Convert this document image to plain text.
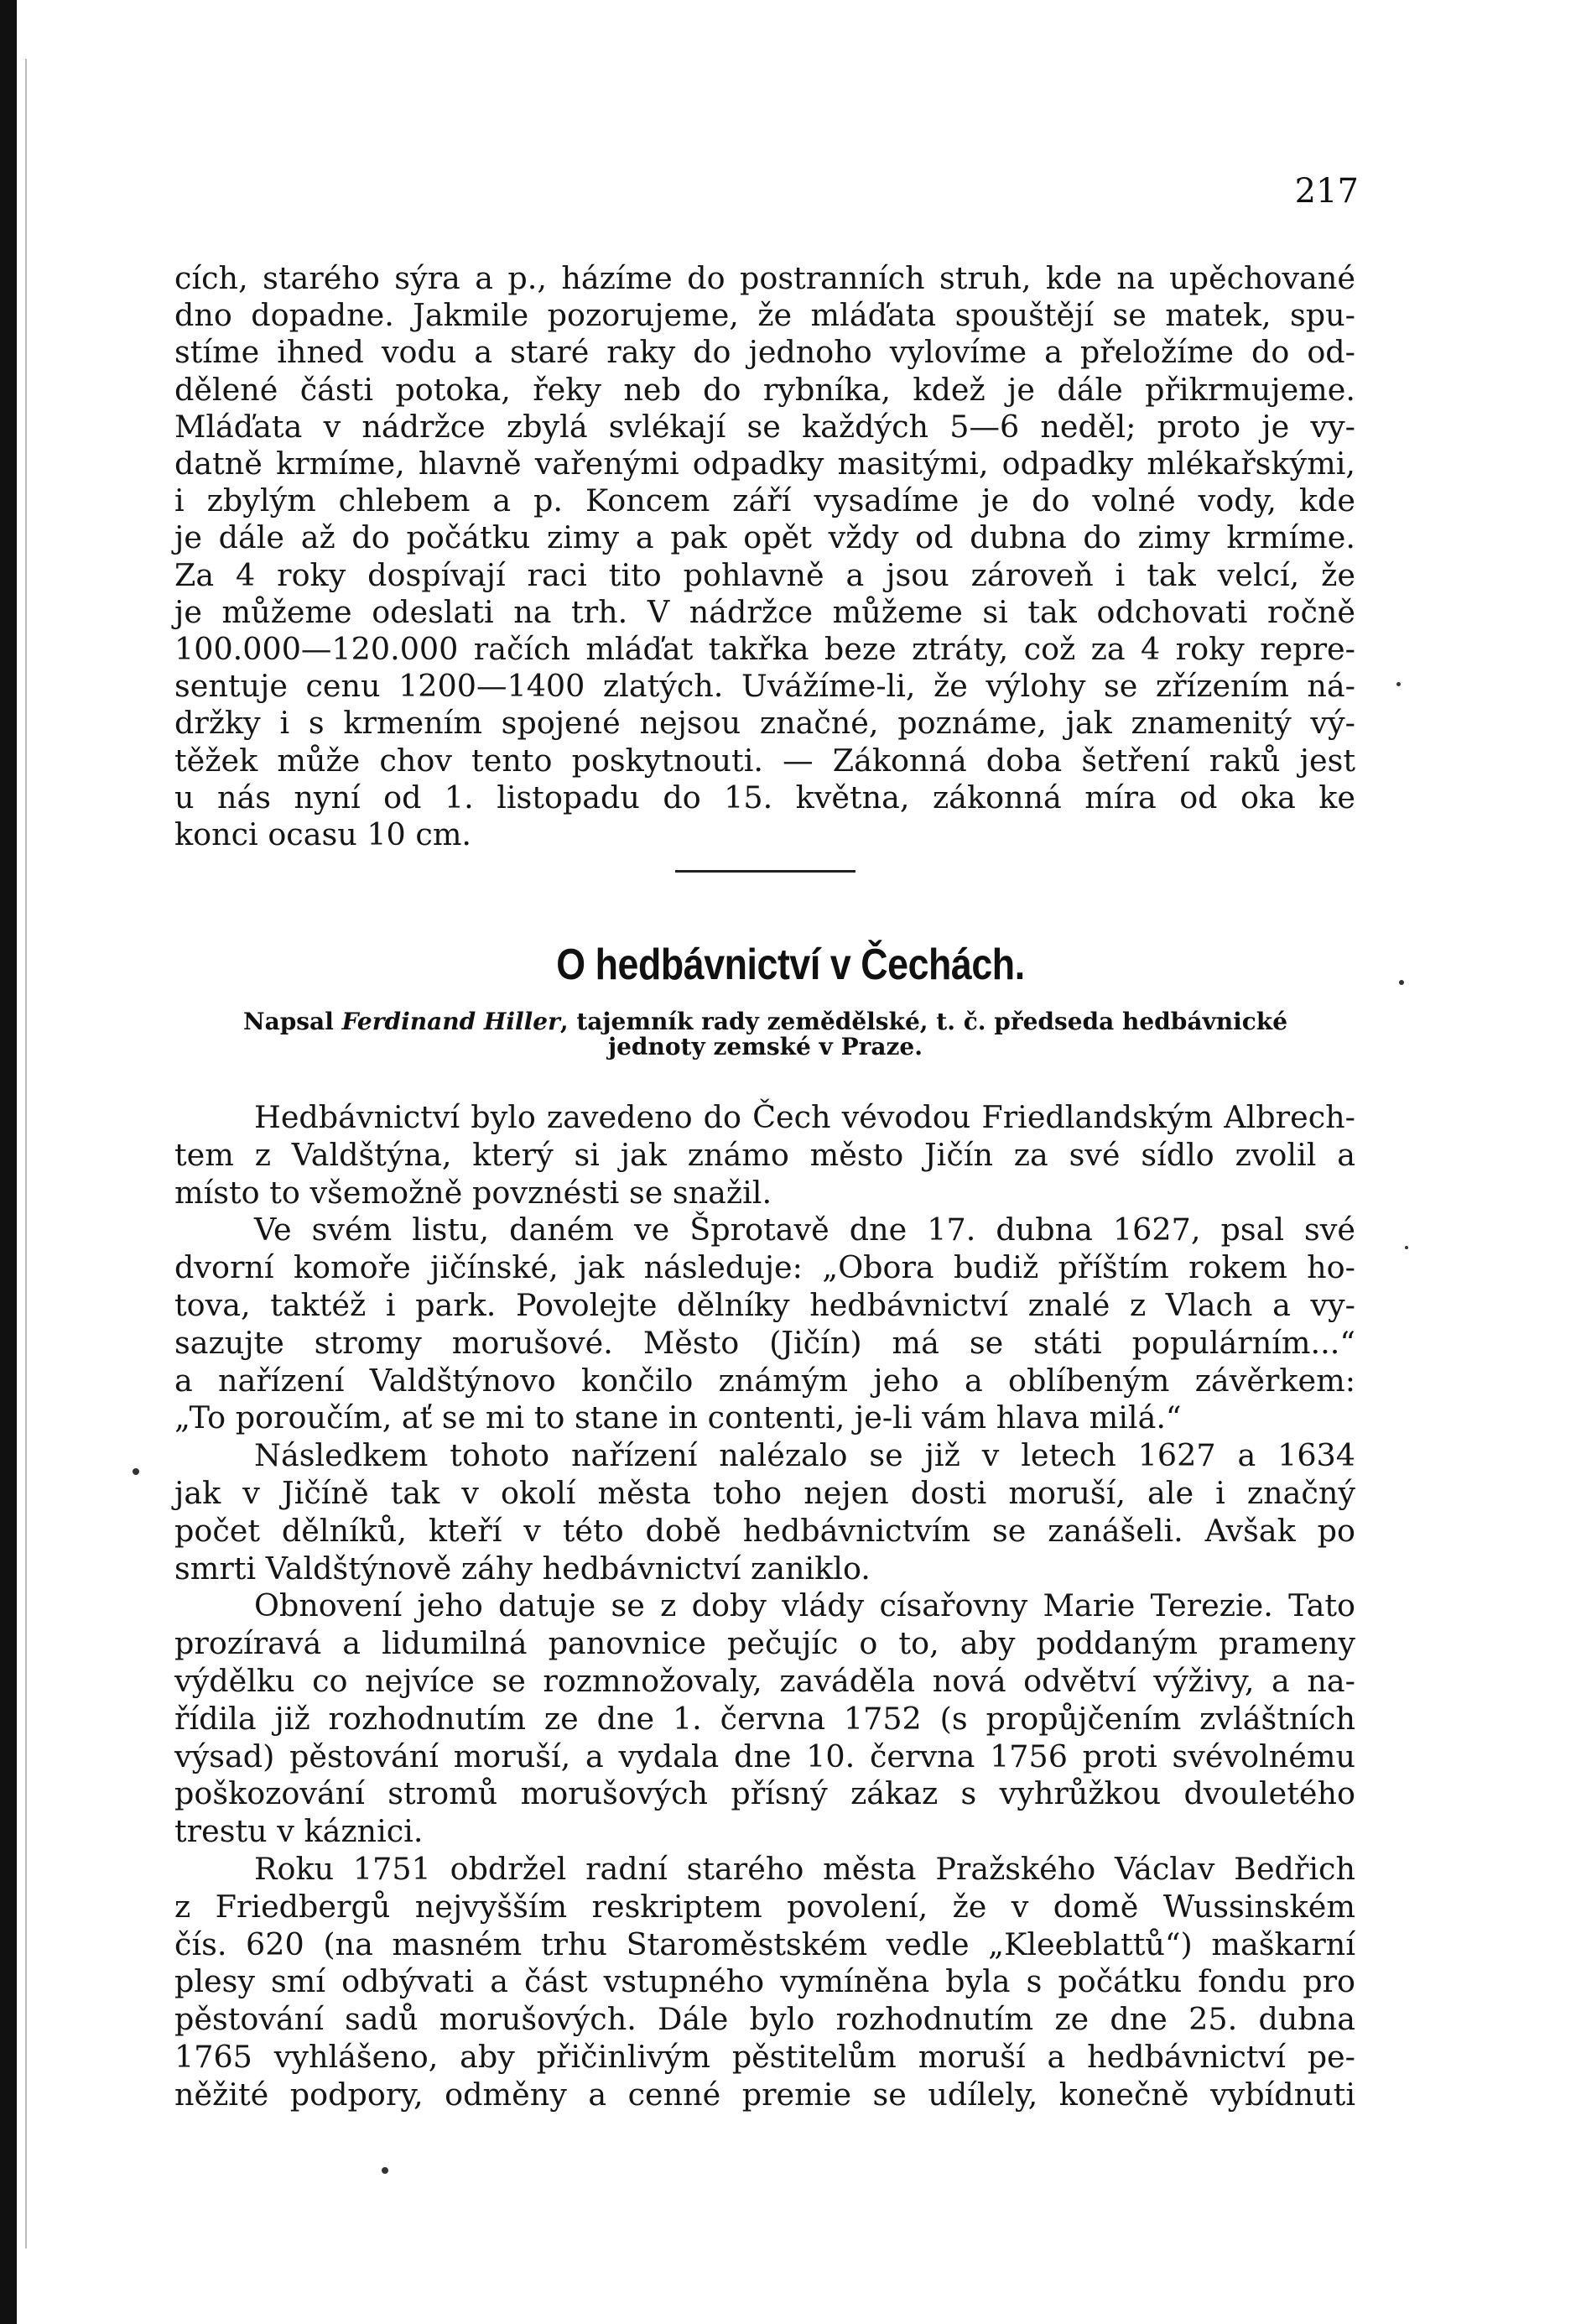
217
cích, starého sýra a p., házíme do postranních struh, kde na upěchované
dno dopadne. Jakmile pozorujeme, že mláďata spouštějí se matek, spu-
stíme ihned vodu a staré raky do jednoho vylovíme a přeložíme do od-
dělené části potoka, řeky neb do rybníka, kdež je dále přikrmujeme.
Mláďata v nádržce zbylá svlékají se každých 5—6 neděl; proto je vy-
datně krmíme, hlavně vařenými odpadky masitými, odpadky mlékařskými,
i zbylým chlebem a p. Koncem září vysadíme je do volné vody, kde
je dále až do počátku zimy a pak opět vždy od dubna do zimy krmíme.
Za 4 roky dospívají raci tito pohlavně a jsou zároveň i tak velcí, že
je můžeme odeslati na trh. V nádržce můžeme si tak odchovati ročně
100.000—120.000 račích mláďat takřka beze ztráty, což za 4 roky repre-
sentuje cenu 1200—1400 zlatých. Uvážíme-li, že výlohy se zřízením ná-
držky i s krmením spojené nejsou značné, poznáme, jak znamenitý vý-
těžek může chov tento poskytnouti. — Zákonná doba šetření raků jest
u nás nyní od 1. listopadu do 15. května, zákonná míra od oka ke
konci ocasu 10 cm.
O hedbávnictví v Čechách.
Napsal Ferdinand Hiller, tajemník rady zemědělské, t. č. předseda hedbávnické
jednoty zemské v Praze.
Hedbávnictví bylo zavedeno do Čech vévodou Friedlandským Albrech-
tem z Valdštýna, který si jak známo město Jičín za své sídlo zvolil a
místo to všemožně povznésti se snažil.
Ve svém listu, daném ve Šprotavě dne 17. dubna 1627, psal své
dvorní komoře jičínské, jak následuje: „Obora budiž příštím rokem ho-
tova, taktéž i park. Povolejte dělníky hedbávnictví znalé z Vlach a vy-
sazujte stromy morušové. Město (Jičín) má se státi populárním...“
a nařízení Valdštýnovo končilo známým jeho a oblíbeným závěrkem:
„To poroučím, ať se mi to stane in contenti, je-li vám hlava milá.“
Následkem tohoto nařízení nalézalo se již v letech 1627 a 1634
jak v Jičíně tak v okolí města toho nejen dosti moruší, ale i značný
počet dělníků, kteří v této době hedbávnictvím se zanášeli. Avšak po
smrti Valdštýnově záhy hedbávnictví zaniklo.
Obnovení jeho datuje se z doby vlády císařovny Marie Terezie. Tato
prozíravá a lidumilná panovnice pečujíc o to, aby poddaným prameny
výdělku co nejvíce se rozmnožovaly, zaváděla nová odvětví výživy, a na-
řídila již rozhodnutím ze dne 1. června 1752 (s propůjčením zvláštních
výsad) pěstování moruší, a vydala dne 10. června 1756 proti svévolnému
poškozování stromů morušových přísný zákaz s vyhrůžkou dvouletého
trestu v káznici.
Roku 1751 obdržel radní starého města Pražského Václav Bedřich
z Friedbergů nejvyšším reskriptem povolení, že v domě Wussinském
čís. 620 (na masném trhu Staroměstském vedle „Kleeblattů“) maškarní
plesy smí odbývati a část vstupného vymíněna byla s počátku fondu pro
pěstování sadů morušových. Dále bylo rozhodnutím ze dne 25. dubna
1765 vyhlášeno, aby přičinlivým pěstitelům moruší a hedbávnictví pe-
něžité podpory, odměny a cenné premie se udílely, konečně vybídnuti
